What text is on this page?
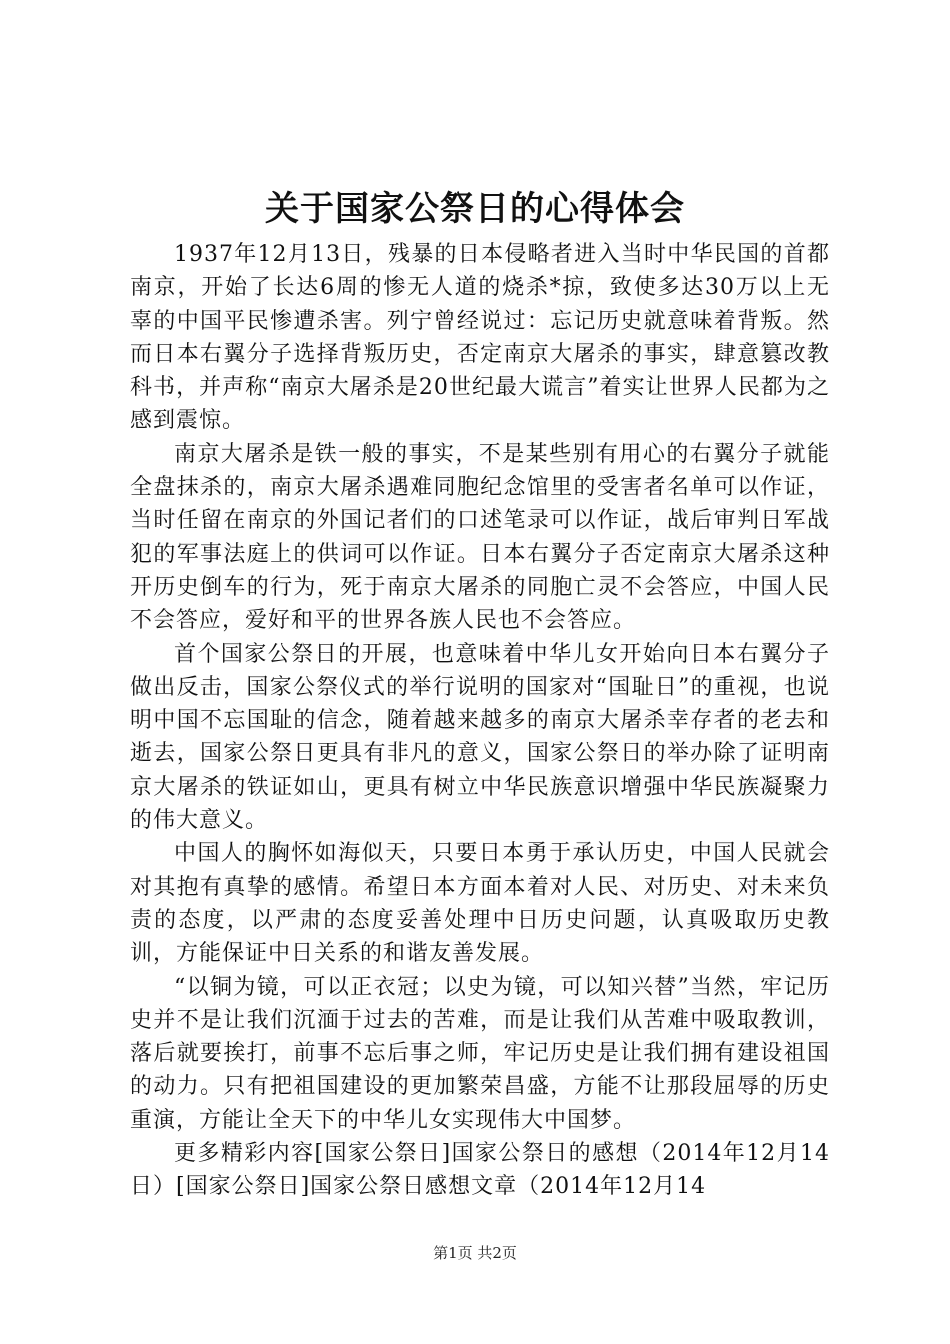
关于国家公祭日的心得体会

1937年12月13日，残暴的日本侵略者进入当时中华民国的首都南京，开始了长达6周的惨无人道的烧杀*掠，致使多达30万以上无辜的中国平民惨遭杀害。列宁曾经说过：忘记历史就意味着背叛。然而日本右翼分子选择背叛历史，否定南京大屠杀的事实，肆意篡改教科书，并声称“南京大屠杀是20世纪最大谎言”着实让世界人民都为之感到震惊。

南京大屠杀是铁一般的事实，不是某些别有用心的右翼分子就能全盘抹杀的，南京大屠杀遇难同胞纪念馆里的受害者名单可以作证，当时任留在南京的外国记者们的口述笔录可以作证，战后审判日军战犯的军事法庭上的供词可以作证。日本右翼分子否定南京大屠杀这种开历史倒车的行为，死于南京大屠杀的同胞亡灵不会答应，中国人民不会答应，爱好和平的世界各族人民也不会答应。

首个国家公祭日的开展，也意味着中华儿女开始向日本右翼分子做出反击，国家公祭仪式的举行说明的国家对“国耻日”的重视，也说明中国不忘国耻的信念，随着越来越多的南京大屠杀幸存者的老去和逝去，国家公祭日更具有非凡的意义，国家公祭日的举办除了证明南京大屠杀的铁证如山，更具有树立中华民族意识增强中华民族凝聚力的伟大意义。

中国人的胸怀如海似天，只要日本勇于承认历史，中国人民就会对其抱有真挚的感情。希望日本方面本着对人民、对历史、对未来负责的态度，以严肃的态度妥善处理中日历史问题，认真吸取历史教训，方能保证中日关系的和谐友善发展。

“以铜为镜，可以正衣冠；以史为镜，可以知兴替”当然，牢记历史并不是让我们沉湎于过去的苦难，而是让我们从苦难中吸取教训，落后就要挨打，前事不忘后事之师，牢记历史是让我们拥有建设祖国的动力。只有把祖国建设的更加繁荣昌盛，方能不让那段屈辱的历史重演，方能让全天下的中华儿女实现伟大中国梦。

更多精彩内容[国家公祭日]国家公祭日的感想（2014年12月14日）[国家公祭日]国家公祭日感想文章（2014年12月14

第1页 共2页
